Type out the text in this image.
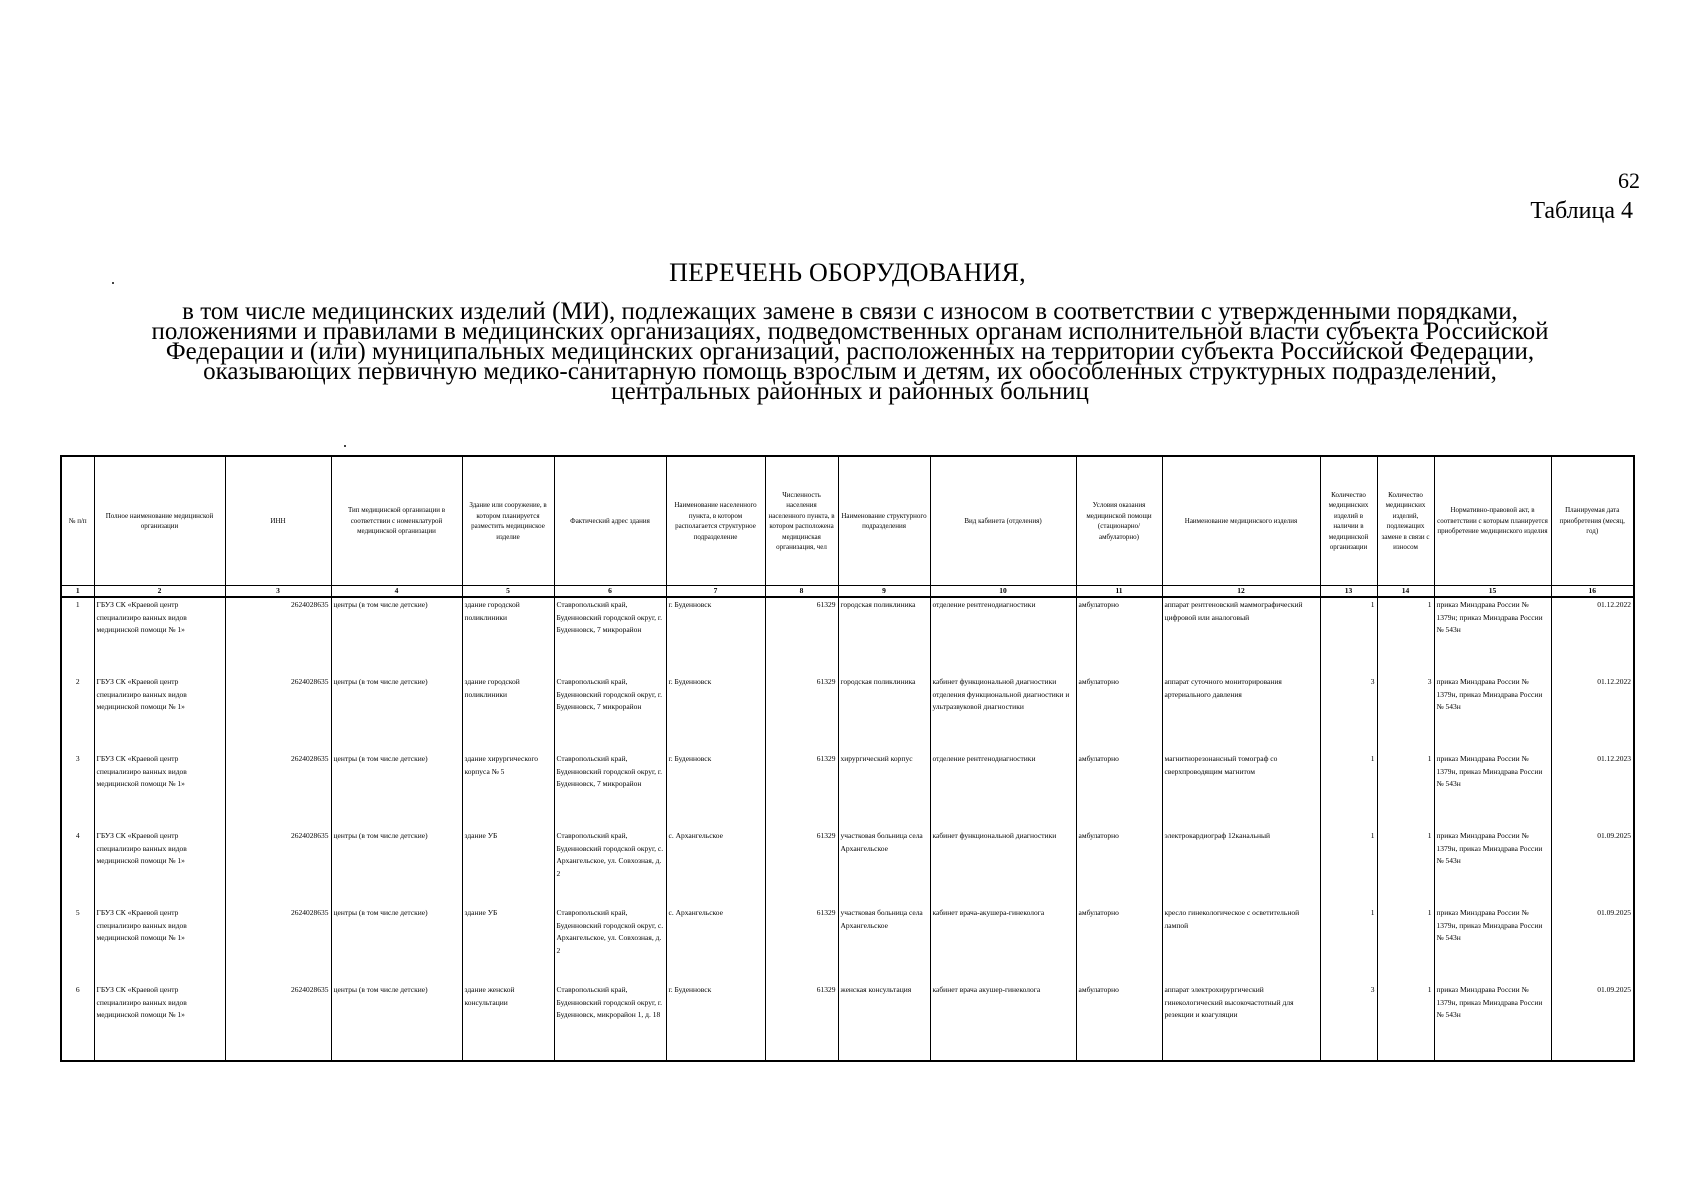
62
Таблица 4
ПЕРЕЧЕНЬ ОБОРУДОВАНИЯ,
в том числе медицинских изделий (МИ), подлежащих замене в связи с износом в соответствии с утвержденными порядками,
положениями и правилами в медицинских организациях, подведомственных органам исполнительной власти субъекта Российской
Федерации и (или) муниципальных медицинских организаций, расположенных на территории субъекта Российской Федерации,
оказывающих первичную медико-санитарную помощь взрослым и детям, их обособленных структурных подразделений,
центральных районных и районных больниц
№ п/п	Полное наименование медицинской организации	ИНН	Тип медицинской организации в соответствии с номенклатурой медицинской организации	Здание или сооружение, в котором планируется разместить медицинское изделие	Фактический адрес здания	Наименование населенного пункта, в котором располагается структурное подразделение	Численность населения населенного пункта, в котором расположена медицинская организация, чел	Наименование структурного подразделения	Вид кабинета (отделения)	Условия оказания медицинской помощи (стационарно/амбулаторно)	Наименование медицинского изделия	Количество медицинских изделий в наличии в медицинской организации	Количество медицинских изделий, подлежащих замене в связи с износом	Нормативно-правовой акт, в соответствии с которым планируется приобретение медицинского изделия	Планируемая дата приобретения (месяц, год)
1	2	3	4	5	6	7	8	9	10	11	12	13	14	15	16
1	ГБУЗ СК «Краевой центр специализиро ванных видов медицинской помощи № 1»	2624028635	центры (в том числе детские)	здание городской поликлиники	Ставропольский край, Буденновский городской округ, г. Буденновск, 7 микрорайон	г. Буденновск	61329	городская поликлиника	отделение рентгенодиагностики	амбулаторно	аппарат рентгеновский маммографический цифровой или аналоговый	1	1	приказ Минздрава России № 1379н; приказ Минздрава России № 543н	01.12.2022
2	ГБУЗ СК «Краевой центр специализиро ванных видов медицинской помощи № 1»	2624028635	центры (в том числе детские)	здание городской поликлиники	Ставропольский край, Буденновский городской округ, г. Буденновск, 7 микрорайон	г. Буденновск	61329	городская поликлиника	кабинет функциональной диагностики отделения функциональной диагностики и ультразвуковой диагностики	амбулаторно	аппарат суточного мониторирования артериального давления	3	3	приказ Минздрава России № 1379н, приказ Минздрава России № 543н	01.12.2022
3	ГБУЗ СК «Краевой центр специализиро ванных видов медицинской помощи № 1»	2624028635	центры (в том числе детские)	здание хирургического корпуса № 5	Ставропольский край, Буденновский городской округ, г. Буденновск, 7 микрорайон	г. Буденновск	61329	хирургический корпус	отделение рентгенодиагностики	амбулаторно	магнитнорезонансный томограф со сверхпроводящим магнитом	1	1	приказ Минздрава России № 1379н, приказ Минздрава России № 543н	01.12.2023
4	ГБУЗ СК «Краевой центр специализиро ванных видов медицинской помощи № 1»	2624028635	центры (в том числе детские)	здание УБ	Ставропольский край, Буденновский городской округ, с. Архангельское, ул. Совхозная, д. 2	с. Архангельское	61329	участковая больница села Архангельское	кабинет функциональной диагностики	амбулаторно	электрокардиограф 12канальный	1	1	приказ Минздрава России № 1379н, приказ Минздрава России № 543н	01.09.2025
5	ГБУЗ СК «Краевой центр специализиро ванных видов медицинской помощи № 1»	2624028635	центры (в том числе детские)	здание УБ	Ставропольский край, Буденновский городской округ, с. Архангельское, ул. Совхозная, д. 2	с. Архангельское	61329	участковая больница села Архангельское	кабинет врача-акушера-гинеколога	амбулаторно	кресло гинекологическое с осветительной лампой	1	1	приказ Минздрава России № 1379н, приказ Минздрава России № 543н	01.09.2025
6	ГБУЗ СК «Краевой центр специализиро ванных видов медицинской помощи № 1»	2624028635	центры (в том числе детские)	здание женской консультации	Ставропольский край, Буденновский городской округ, г. Буденновск, микрорайон 1, д. 18	г. Буденновск	61329	женская консультация	кабинет врача акушер-гинеколога	амбулаторно	аппарат электрохирургический гинекологический высокочастотный для резекции и коагуляции	3	1	приказ Минздрава России № 1379н, приказ Минздрава России № 543н	01.09.2025
